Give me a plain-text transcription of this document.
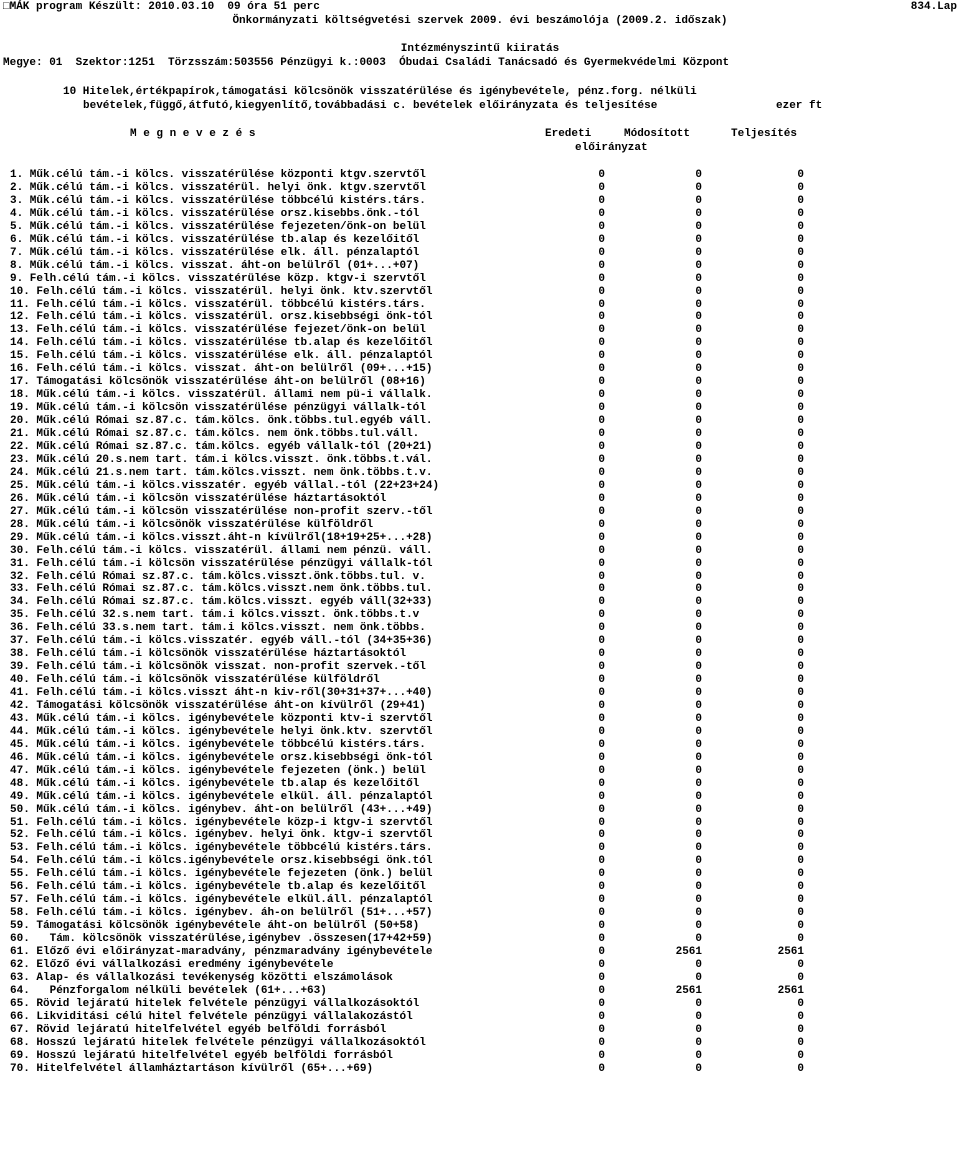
□MÁK program Készült: 2010.03.10  09 óra 51 perc	834.Lap
Önkormányzati költségvetési szervek 2009. évi beszámolója (2009.2. időszak)
Intézményszintű kiiratás
Megye: 01  Szektor:1251  Törzsszám:503556 Pénzügyi k.:0003  Óbudai Családi Tanácsadó és Gyermekvédelmi Központ
10 Hitelek,értékpapírok,támogatási kölcsönök visszatérülése és igénybevétele, pénz.forg. nélküli
bevételek,függő,átfutó,kiegyenlítő,továbbadási c. bevételek előirányzata és teljesítése	ezer ft
M e g n e v e z é s	Eredeti	Módosított	Teljesítés
előirányzat
1. Műk.célú tám.-i kölcs. visszatérülése központi ktgv.szervtől	0	0	0
2. Műk.célú tám.-i kölcs. visszatérül. helyi önk. ktgv.szervtől	0	0	0
3. Műk.célú tám.-i kölcs. visszatérülése többcélú kistérs.társ.	0	0	0
4. Műk.célú tám.-i kölcs. visszatérülése orsz.kisebbs.önk.-tól	0	0	0
5. Műk.célú tám.-i kölcs. visszatérülése fejezeten/önk-on belül	0	0	0
6. Műk.célú tám.-i kölcs. visszatérülése tb.alap és kezelőitől	0	0	0
7. Műk.célú tám.-i kölcs. visszatérülése elk. áll. pénzalaptól	0	0	0
8. Műk.célú tám.-i kölcs. visszat. áht-on belülről (01+...+07)	0	0	0
9. Felh.célú tám.-i kölcs. visszatérülése közp. ktgv-i szervtől	0	0	0
10. Felh.célú tám.-i kölcs. visszatérül. helyi önk. ktv.szervtől	0	0	0
11. Felh.célú tám.-i kölcs. visszatérül. többcélú kistérs.társ.	0	0	0
12. Felh.célú tám.-i kölcs. visszatérül. orsz.kisebbségi önk-tól	0	0	0
13. Felh.célú tám.-i kölcs. visszatérülése fejezet/önk-on belül	0	0	0
14. Felh.célú tám.-i kölcs. visszatérülése tb.alap és kezelőitől	0	0	0
15. Felh.célú tám.-i kölcs. visszatérülése elk. áll. pénzalaptól	0	0	0
16. Felh.célú tám.-i kölcs. visszat. áht-on belülről (09+...+15)	0	0	0
17. Támogatási kölcsönök visszatérülése áht-on belülről (08+16)	0	0	0
18. Műk.célú tám.-i kölcs. visszatérül. állami nem pü-i vállalk.	0	0	0
19. Műk.célú tám.-i kölcsön visszatérülése pénzügyi vállalk-tól	0	0	0
20. Műk.célú Római sz.87.c. tám.kölcs. önk.többs.tul.egyéb váll.	0	0	0
21. Műk.célú Római sz.87.c. tám.kölcs. nem önk.többs.tul.váll.	0	0	0
22. Műk.célú Római sz.87.c. tám.kölcs. egyéb vállalk-tól (20+21)	0	0	0
23. Műk.célú 20.s.nem tart. tám.i kölcs.visszt. önk.többs.t.vál.	0	0	0
24. Műk.célú 21.s.nem tart. tám.kölcs.visszt. nem önk.többs.t.v.	0	0	0
25. Műk.célú tám.-i kölcs.visszatér. egyéb vállal.-tól (22+23+24)	0	0	0
26. Műk.célú tám.-i kölcsön visszatérülése háztartásoktól	0	0	0
27. Műk.célú tám.-i kölcsön visszatérülése non-profit szerv.-től	0	0	0
28. Műk.célú tám.-i kölcsönök visszatérülése külföldről	0	0	0
29. Műk.célú tám.-i kölcs.visszt.áht-n kívülről(18+19+25+...+28)	0	0	0
30. Felh.célú tám.-i kölcs. visszatérül. állami nem pénzü. váll.	0	0	0
31. Felh.célú tám.-i kölcsön visszatérülése pénzügyi vállalk-tól	0	0	0
32. Felh.célú Római sz.87.c. tám.kölcs.visszt.önk.többs.tul. v.	0	0	0
33. Felh.célú Római sz.87.c. tám.kölcs.visszt.nem önk.többs.tul.	0	0	0
34. Felh.célú Római sz.87.c. tám.kölcs.visszt. egyéb váll(32+33)	0	0	0
35. Felh.célú 32.s.nem tart. tám.i kölcs.visszt. önk.többs.t.v	0	0	0
36. Felh.célú 33.s.nem tart. tám.i kölcs.visszt. nem önk.többs.	0	0	0
37. Felh.célú tám.-i kölcs.visszatér. egyéb váll.-tól (34+35+36)	0	0	0
38. Felh.célú tám.-i kölcsönök visszatérülése háztartásoktól	0	0	0
39. Felh.célú tám.-i kölcsönök visszat. non-profit szervek.-től	0	0	0
40. Felh.célú tám.-i kölcsönök visszatérülése külföldről	0	0	0
41. Felh.célú tám.-i kölcs.visszt áht-n kiv-ről(30+31+37+...+40)	0	0	0
42. Támogatási kölcsönök visszatérülése áht-on kívülről (29+41)	0	0	0
43. Műk.célú tám.-i kölcs. igénybevétele központi ktv-i szervtől	0	0	0
44. Műk.célú tám.-i kölcs. igénybevétele helyi önk.ktv. szervtől	0	0	0
45. Műk.célú tám.-i kölcs. igénybevétele többcélú kistérs.társ.	0	0	0
46. Műk.célú tám.-i kölcs. igénybevétele orsz.kisebbségi önk-tól	0	0	0
47. Műk.célú tám.-i kölcs. igénybevétele fejezeten (önk.) belül	0	0	0
48. Műk.célú tám.-i kölcs. igénybevétele tb.alap és kezelőitől	0	0	0
49. Műk.célú tám.-i kölcs. igénybevétele elkül. áll. pénzalaptól	0	0	0
50. Műk.célú tám.-i kölcs. igénybev. áht-on belülről (43+...+49)	0	0	0
51. Felh.célú tám.-i kölcs. igénybevétele közp-i ktgv-i szervtől	0	0	0
52. Felh.célú tám.-i kölcs. igénybev. helyi önk. ktgv-i szervtől	0	0	0
53. Felh.célú tám.-i kölcs. igénybevétele többcélú kistérs.társ.	0	0	0
54. Felh.célú tám.-i kölcs.igénybevétele orsz.kisebbségi önk.tól	0	0	0
55. Felh.célú tám.-i kölcs. igénybevétele fejezeten (önk.) belül	0	0	0
56. Felh.célú tám.-i kölcs. igénybevétele tb.alap és kezelőitől	0	0	0
57. Felh.célú tám.-i kölcs. igénybevétele elkül.áll. pénzalaptól	0	0	0
58. Felh.célú tám.-i kölcs. igénybev. áh-on belülről (51+...+57)	0	0	0
59. Támogatási kölcsönök igénybevétele áht-on belülről (50+58)	0	0	0
60.   Tám. kölcsönök visszatérülése,igénybev .összesen(17+42+59)	0	0	0
61. Előző évi előirányzat-maradvány, pénzmaradvány igénybevétele	0	2561	2561
62. Előző évi vállalkozási eredmény igénybevétele	0	0	0
63. Alap- és vállalkozási tevékenység közötti elszámolások	0	0	0
64.   Pénzforgalom nélküli bevételek (61+...+63)	0	2561	2561
65. Rövid lejáratú hitelek felvétele pénzügyi vállalkozásoktól	0	0	0
66. Likviditási célú hitel felvétele pénzügyi vállalakozástól	0	0	0
67. Rövid lejáratú hitelfelvétel egyéb belföldi forrásból	0	0	0
68. Hosszú lejáratú hitelek felvétele pénzügyi vállalkozásoktól	0	0	0
69. Hosszú lejáratú hitelfelvétel egyéb belföldi forrásból	0	0	0
70. Hitelfelvétel államháztartáson kívülről (65+...+69)	0	0	0
